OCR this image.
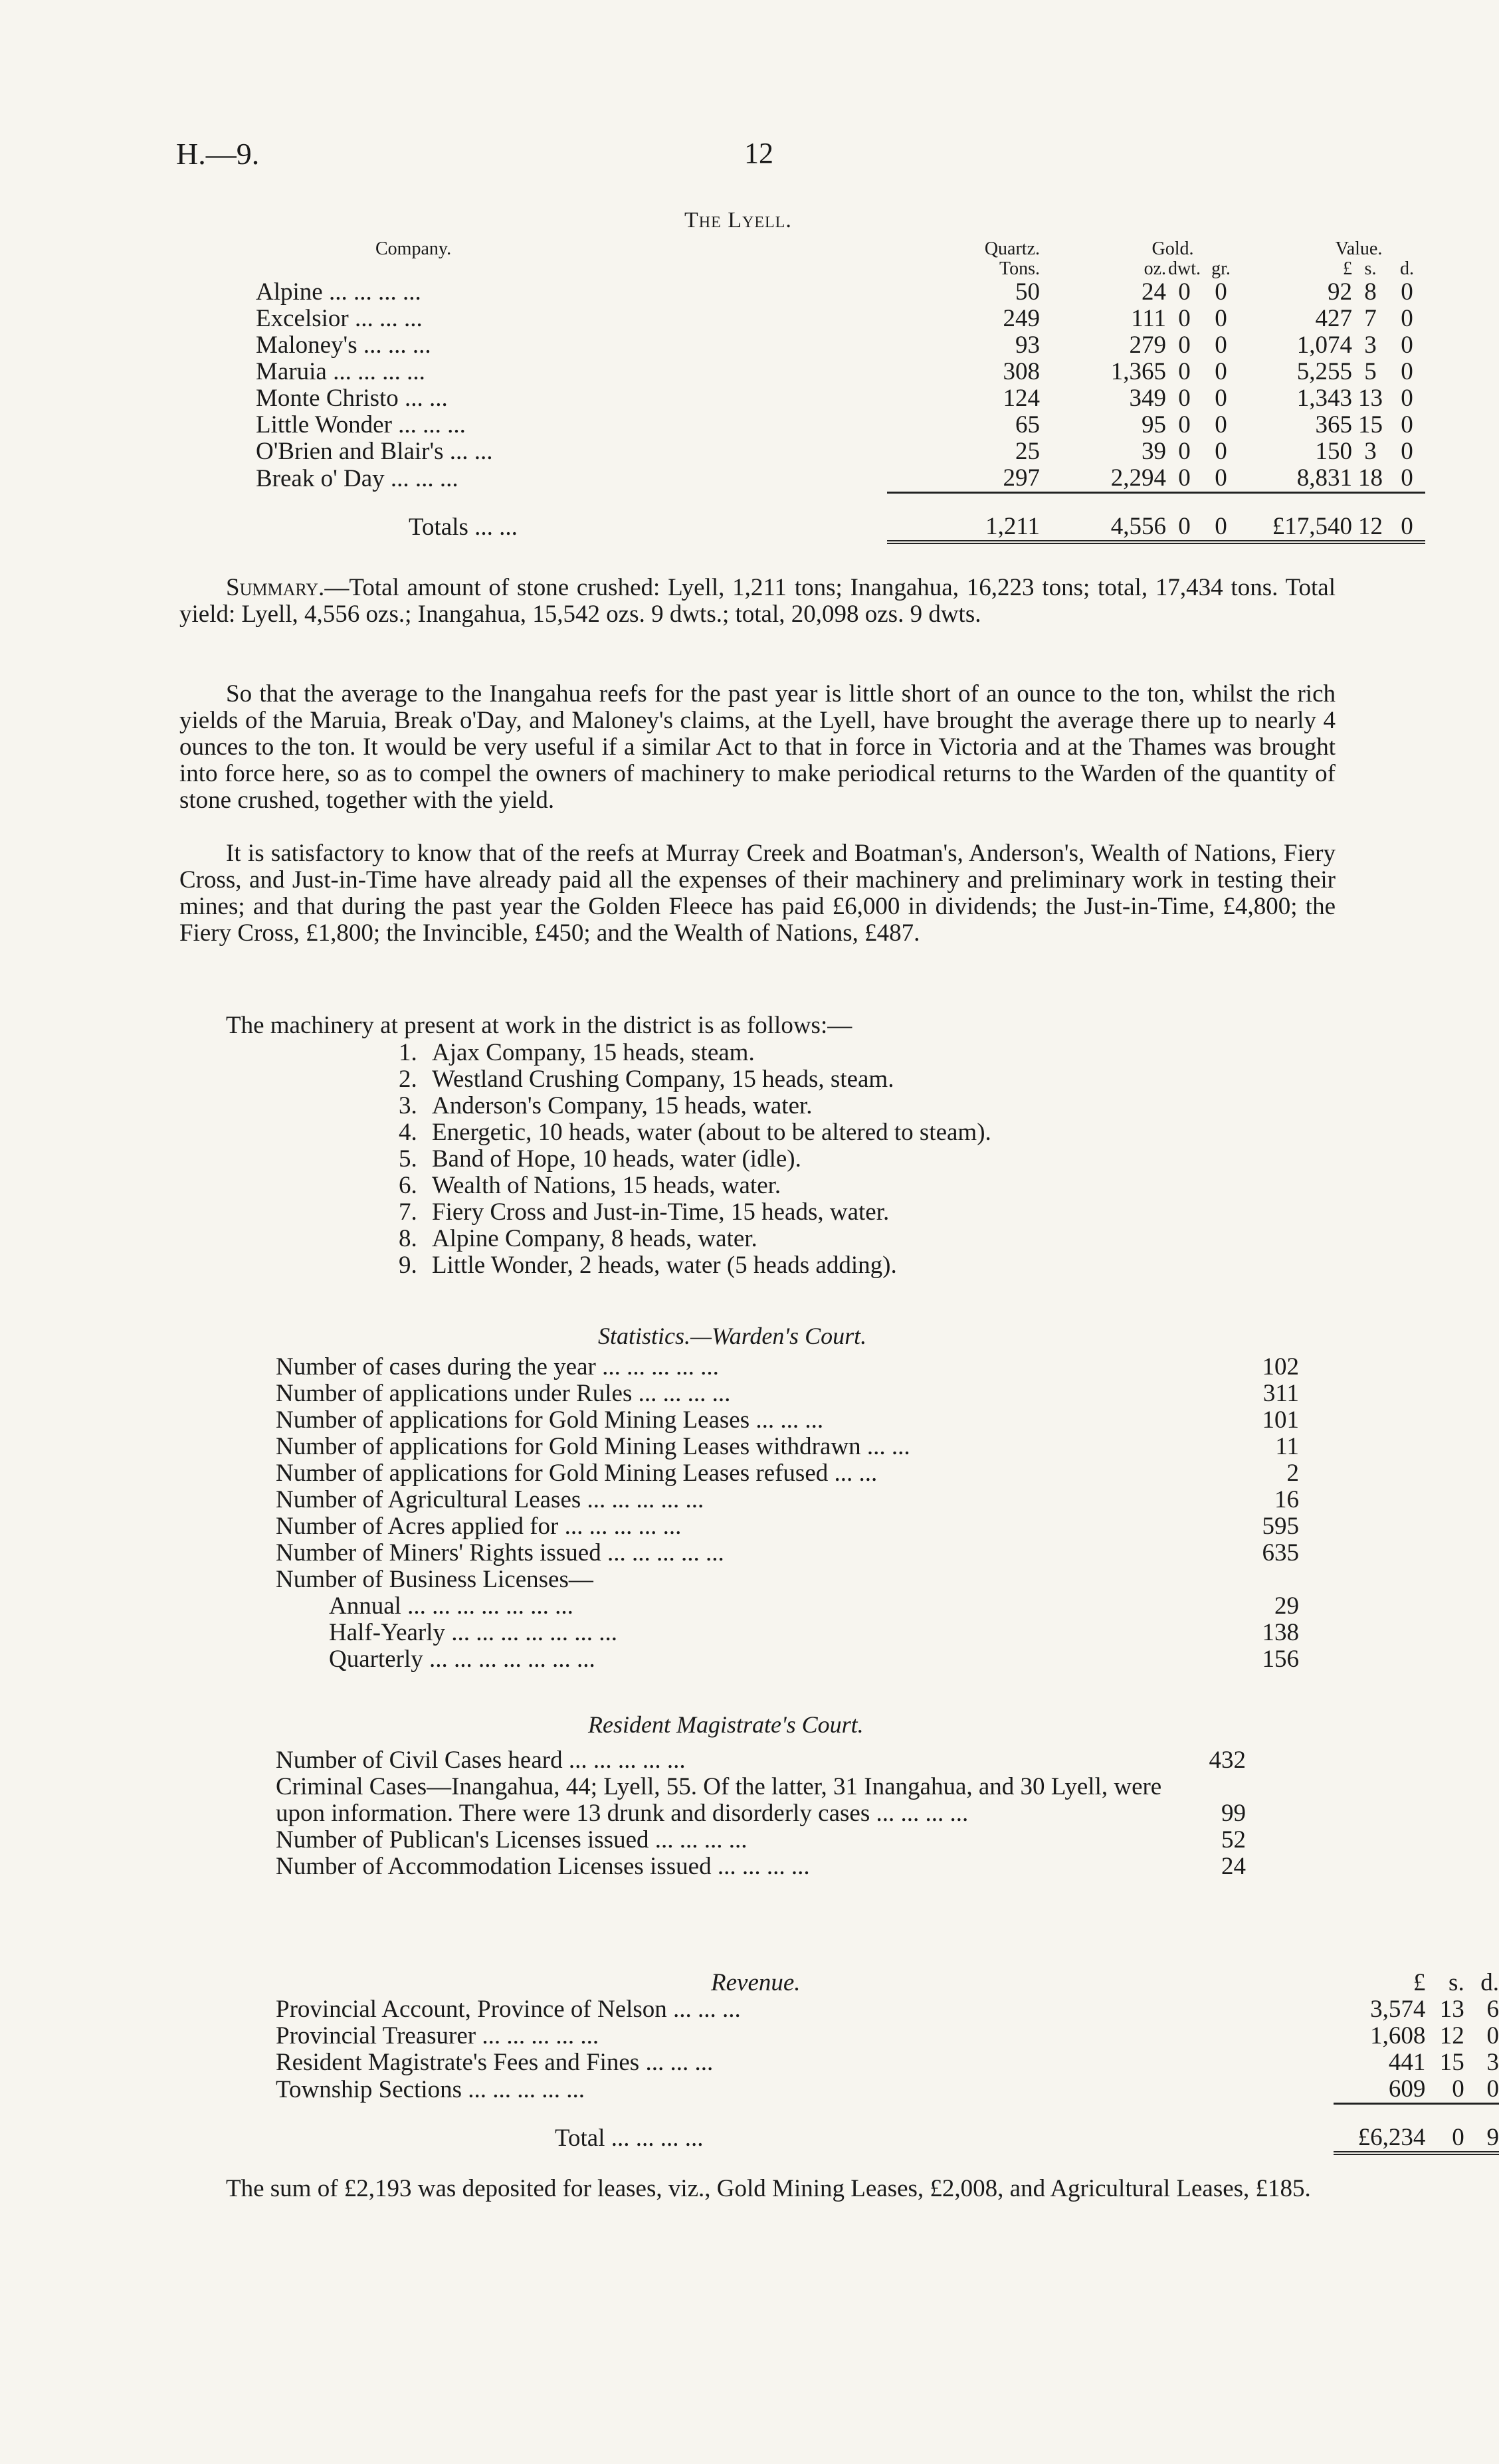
H.—9.	12
The Lyell.
Company.	Quartz.	Gold.			Value.		
	Tons.	oz.	dwt.	gr.	£	s.	d.
Alpine ... ... ... ...	50	24	0	0	92	8	0
Excelsior ... ... ...	249	111	0	0	427	7	0
Maloney's ... ... ...	93	279	0	0	1,074	3	0
Maruia ... ... ... ...	308	1,365	0	0	5,255	5	0
Monte Christo ... ...	124	349	0	0	1,343	13	0
Little Wonder ... ... ...	65	95	0	0	365	15	0
O'Brien and Blair's ... ...	25	39	0	0	150	3	0
Break o' Day ... ... ...	297	2,294	0	0	8,831	18	0
Totals ... ...	1,211	4,556	0	0	£17,540	12	0
Summary.—Total amount of stone crushed: Lyell, 1,211 tons; Inangahua, 16,223 tons; total, 17,434 tons. Total yield: Lyell, 4,556 ozs.; Inangahua, 15,542 ozs. 9 dwts.; total, 20,098 ozs. 9 dwts.
So that the average to the Inangahua reefs for the past year is little short of an ounce to the ton, whilst the rich yields of the Maruia, Break o'Day, and Maloney's claims, at the Lyell, have brought the average there up to nearly 4 ounces to the ton. It would be very useful if a similar Act to that in force in Victoria and at the Thames was brought into force here, so as to compel the owners of machinery to make periodical returns to the Warden of the quantity of stone crushed, together with the yield.
It is satisfactory to know that of the reefs at Murray Creek and Boatman's, Anderson's, Wealth of Nations, Fiery Cross, and Just-in-Time have already paid all the expenses of their machinery and preliminary work in testing their mines; and that during the past year the Golden Fleece has paid £6,000 in dividends; the Just-in-Time, £4,800; the Fiery Cross, £1,800; the Invincible, £450; and the Wealth of Nations, £487.
The machinery at present at work in the district is as follows:—
1. Ajax Company, 15 heads, steam.
2. Westland Crushing Company, 15 heads, steam.
3. Anderson's Company, 15 heads, water.
4. Energetic, 10 heads, water (about to be altered to steam).
5. Band of Hope, 10 heads, water (idle).
6. Wealth of Nations, 15 heads, water.
7. Fiery Cross and Just-in-Time, 15 heads, water.
8. Alpine Company, 8 heads, water.
9. Little Wonder, 2 heads, water (5 heads adding).
Statistics.—Warden's Court.
Number of cases during the year ... ... ... ... ...	102
Number of applications under Rules ... ... ... ...	311
Number of applications for Gold Mining Leases ... ... ...	101
Number of applications for Gold Mining Leases withdrawn ... ...	11
Number of applications for Gold Mining Leases refused ... ...	2
Number of Agricultural Leases ... ... ... ... ...	16
Number of Acres applied for ... ... ... ... ...	595
Number of Miners' Rights issued ... ... ... ... ...	635
Number of Business Licenses—	
Annual ... ... ... ... ... ... ...	29
Half-Yearly ... ... ... ... ... ... ...	138
Quarterly ... ... ... ... ... ... ...	156
Resident Magistrate's Court.
Number of Civil Cases heard ... ... ... ... ...	432
Criminal Cases—Inangahua, 44; Lyell, 55. Of the latter, 31 Inangahua, and 30 Lyell, were upon information. There were 13 drunk and disorderly cases ... ... ... ...	99
Number of Publican's Licenses issued ... ... ... ...	52
Number of Accommodation Licenses issued ... ... ... ...	24
Revenue.	£	s.	d.
Provincial Account, Province of Nelson ... ... ...	3,574	13	6
Provincial Treasurer ... ... ... ... ...	1,608	12	0
Resident Magistrate's Fees and Fines ... ... ...	441	15	3
Township Sections ... ... ... ... ...	609	0	0
Total ... ... ... ...	£6,234	0	9
The sum of £2,193 was deposited for leases, viz., Gold Mining Leases, £2,008, and Agricultural Leases, £185.
